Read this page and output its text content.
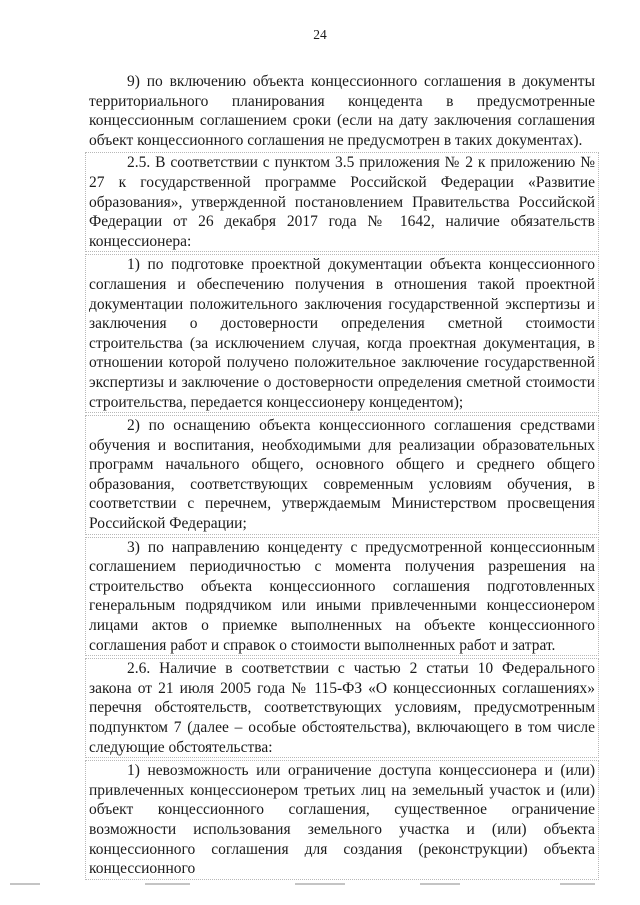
24

9) по включению объекта концессионного соглашения в документы территориального планирования концедента в предусмотренные концессионным соглашением сроки (если на дату заключения соглашения объект концессионного соглашения не предусмотрен в таких документах).

2.5. В соответствии с пунктом 3.5 приложения № 2 к приложению № 27 к государственной программе Российской Федерации «Развитие образования», утвержденной постановлением Правительства Российской Федерации от 26 декабря 2017 года № 1642, наличие обязательств концессионера:

1) по подготовке проектной документации объекта концессионного соглашения и обеспечению получения в отношения такой проектной документации положительного заключения государственной экспертизы и заключения о достоверности определения сметной стоимости строительства (за исключением случая, когда проектная документация, в отношении которой получено положительное заключение государственной экспертизы и заключение о достоверности определения сметной стоимости строительства, передается концессионеру концедентом);

2) по оснащению объекта концессионного соглашения средствами обучения и воспитания, необходимыми для реализации образовательных программ начального общего, основного общего и среднего общего образования, соответствующих современным условиям обучения, в соответствии с перечнем, утверждаемым Министерством просвещения Российской Федерации;

3) по направлению концеденту с предусмотренной концессионным соглашением периодичностью с момента получения разрешения на строительство объекта концессионного соглашения подготовленных генеральным подрядчиком или иными привлеченными концессионером лицами актов о приемке выполненных на объекте концессионного соглашения работ и справок о стоимости выполненных работ и затрат.

2.6. Наличие в соответствии с частью 2 статьи 10 Федерального закона от 21 июля 2005 года № 115-ФЗ «О концессионных соглашениях» перечня обстоятельств, соответствующих условиям, предусмотренным подпунктом 7 (далее – особые обстоятельства), включающего в том числе следующие обстоятельства:

1) невозможность или ограничение доступа концессионера и (или) привлеченных концессионером третьих лиц на земельный участок и (или) объект концессионного соглашения, существенное ограничение возможности использования земельного участка и (или) объекта концессионного соглашения для создания (реконструкции) объекта концессионного
